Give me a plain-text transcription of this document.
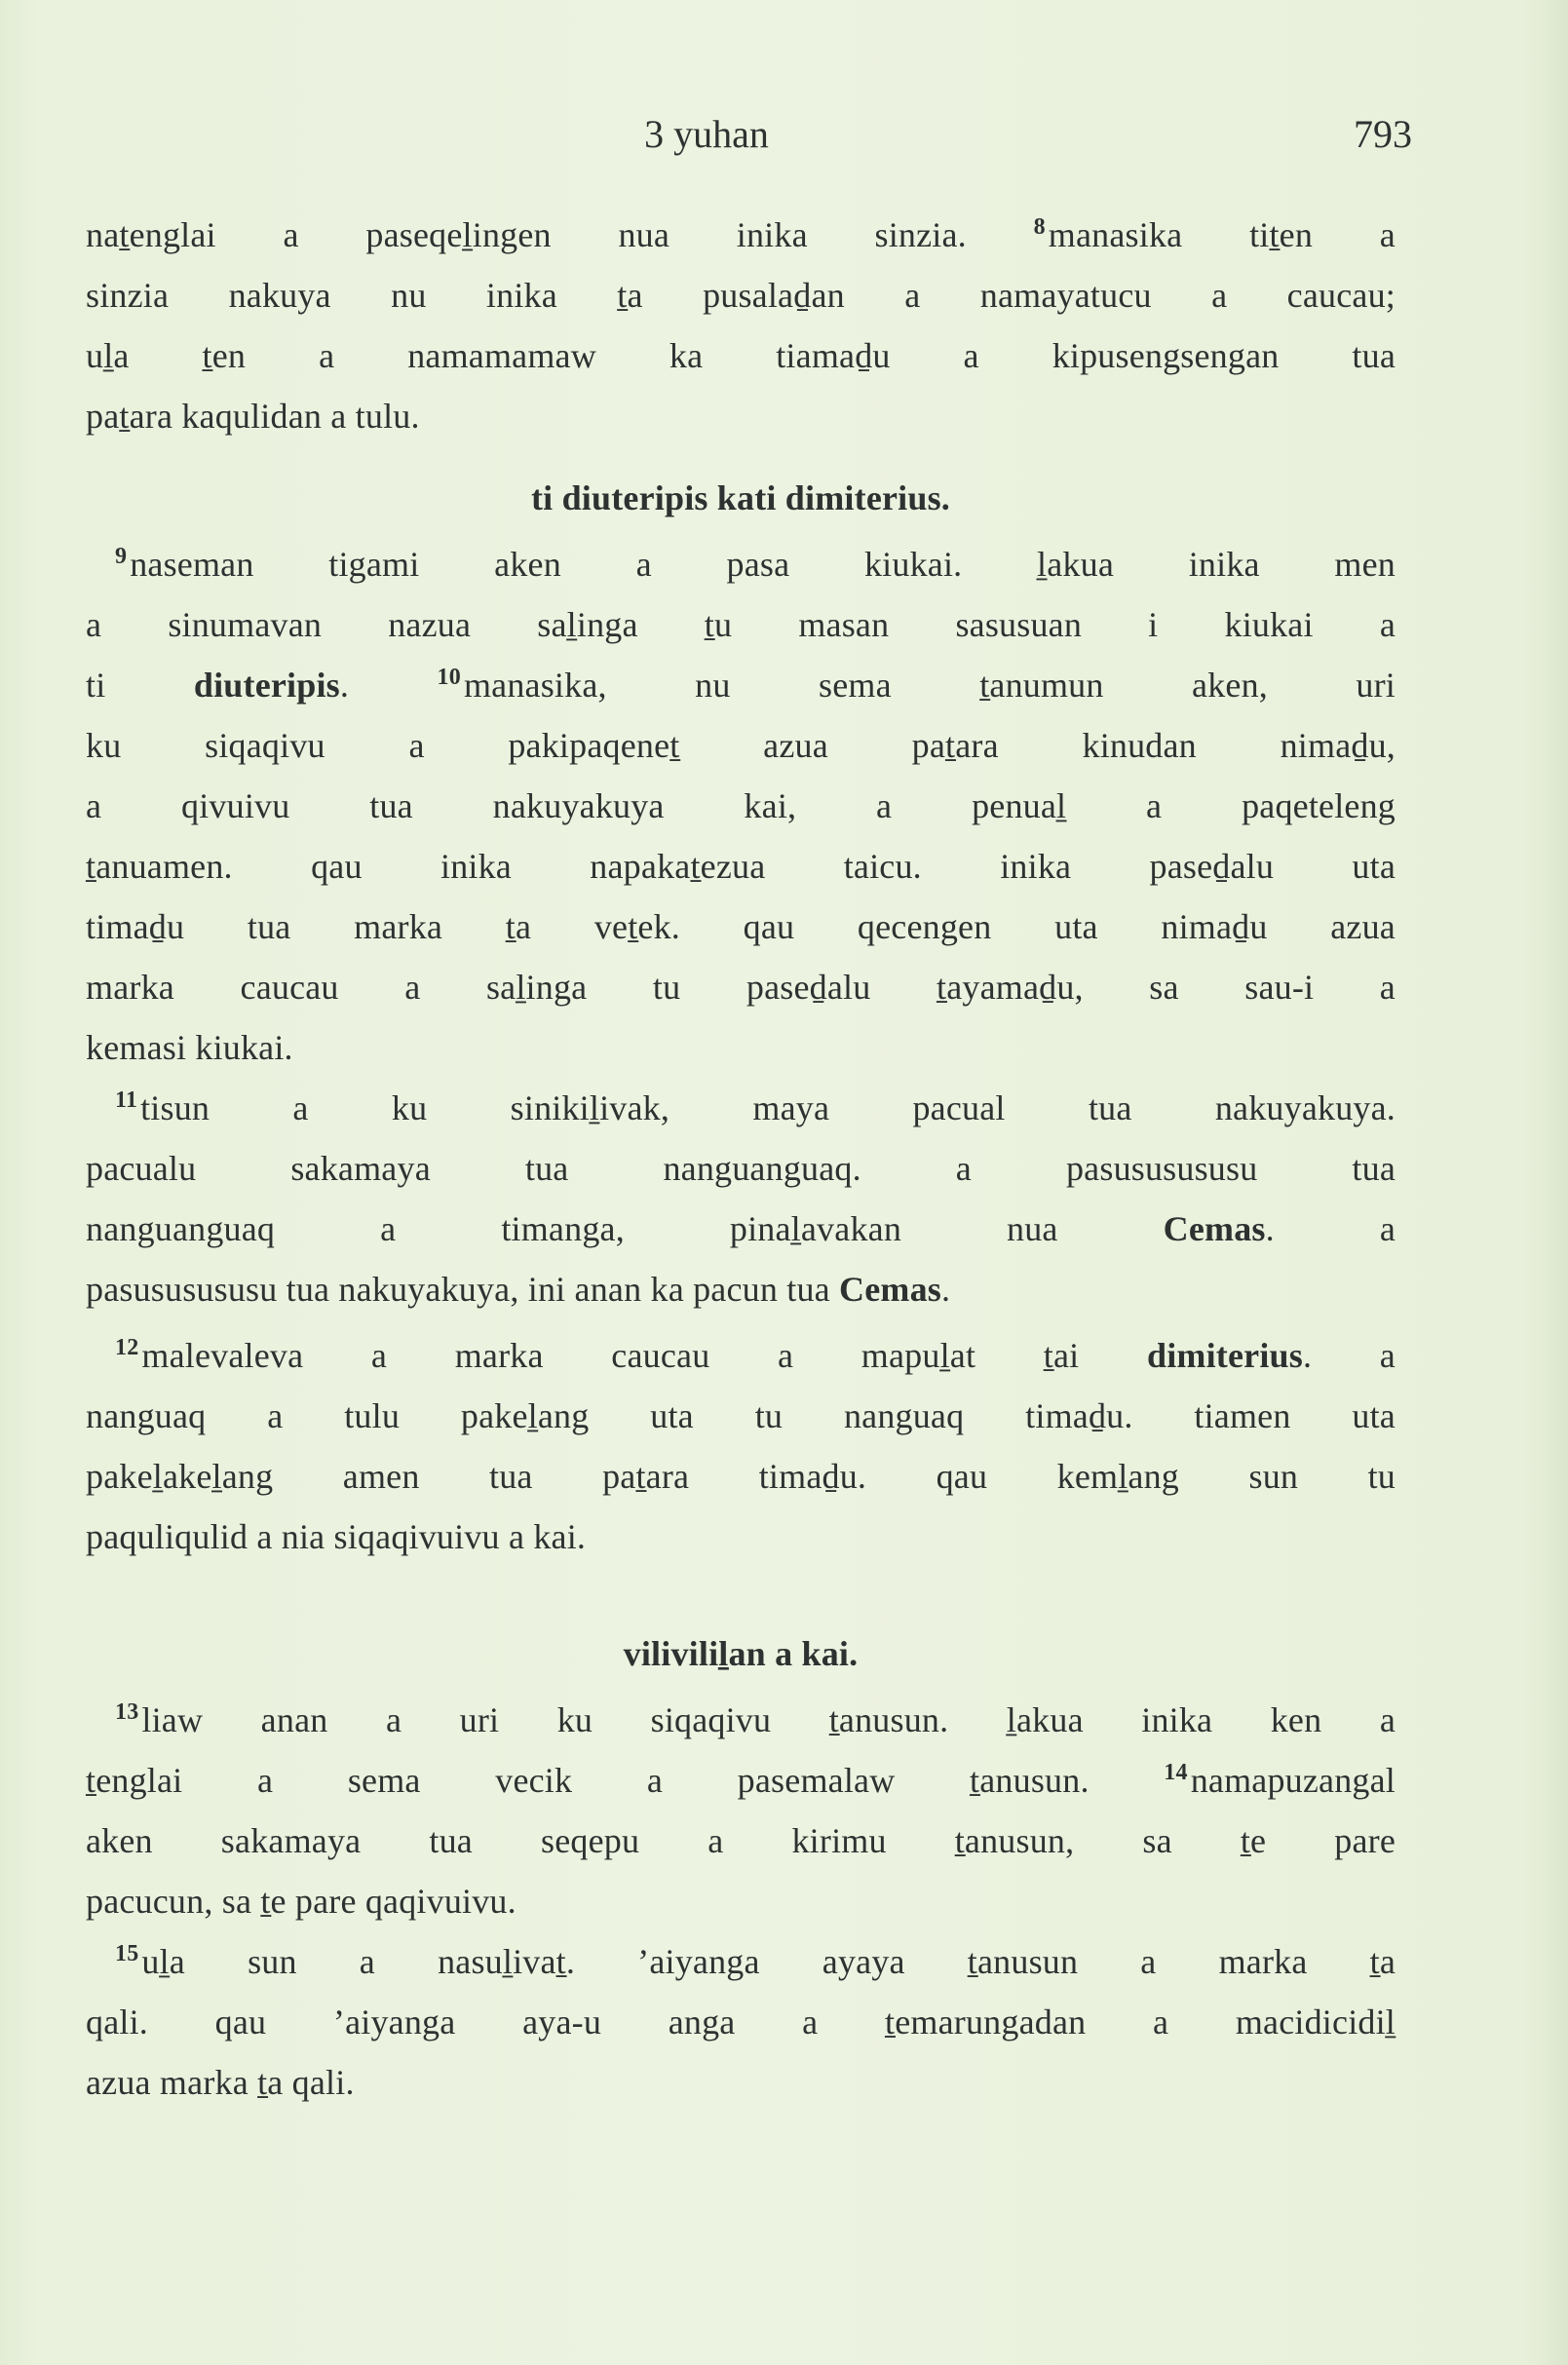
3 yuhan	793
naṯenglai a paseqeḻingen nua inika sinzia. $^8$manasika tiṯen a
sinzia nakuya nu inika ṯa pusalaḏan a namayatucu a caucau;
uḻa ṯen a namamamaw ka tiamaḏu a kipusengsengan tua
paṯara kaqulidan a tulu.
ti diuteripis kati dimiterius.
$^9$naseman tigami aken a pasa kiukai. ḻakua inika men
a sinumavan nazua saḻinga ṯu masan sasusuan i kiukai a
ti diuteripis. $^{10}$manasika, nu sema ṯanumun aken, uri
ku siqaqivu a pakipaqeneṯ azua paṯara kinudan nimaḏu,
a qivuivu tua nakuyakuya kai, a penuaḻ a paqeteleng
ṯanuamen. qau inika napakaṯezua taicu. inika paseḏalu uta
timaḏu tua marka ṯa veṯek. qau qecengen uta nimaḏu azua
marka caucau a saḻinga tu paseḏalu ṯayamaḏu, sa sau-i a
kemasi kiukai.
$^{11}$tisun a ku sinikiḻivak, maya pacual tua nakuyakuya.
pacualu sakamaya tua nanguanguaq. a pasususususu tua
nanguanguaq a timanga, pinaḻavakan nua Cemas. a
pasususususu tua nakuyakuya, ini anan ka pacun tua Cemas.
$^{12}$malevaleva a marka caucau a mapuḻat ṯai dimiterius. a
nanguaq a tulu pakeḻang uta tu nanguaq timaḏu. tiamen uta
pakeḻakeḻang amen tua paṯara timaḏu. qau kemḻang sun tu
paquliqulid a nia siqaqivuivu a kai.
viliviliḻan a kai.
$^{13}$liaw anan a uri ku siqaqivu ṯanusun. ḻakua inika ken a
ṯenglai a sema vecik a pasemalaw ṯanusun. $^{14}$namapuzangal
aken sakamaya tua seqepu a kirimu ṯanusun, sa ṯe pare
pacucun, sa ṯe pare qaqivuivu.
$^{15}$uḻa sun a nasuḻivaṯ. ’aiyanga ayaya ṯanusun a marka ṯa
qali. qau ’aiyanga aya-u anga a ṯemarungadan a macidicidiḻ
azua marka ṯa qali.
